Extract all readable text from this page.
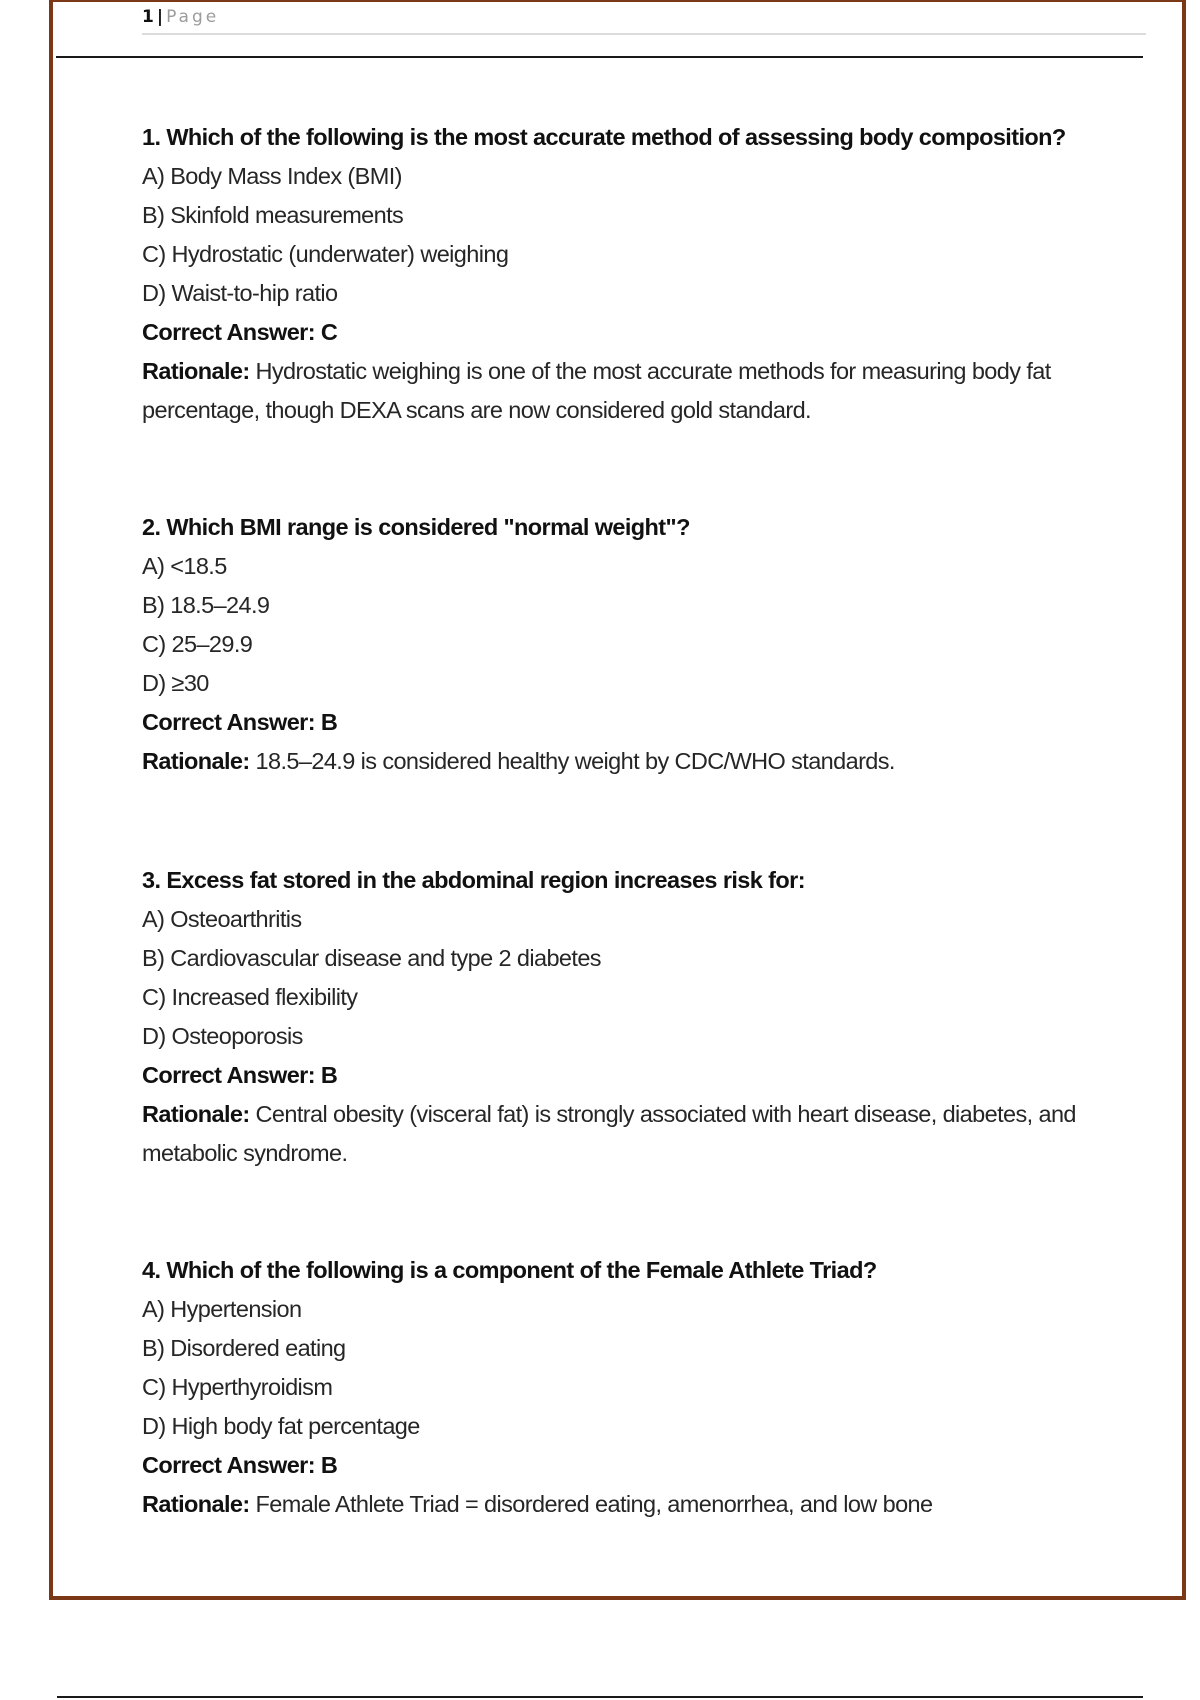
1 | Page
1. Which of the following is the most accurate method of assessing body composition?
A) Body Mass Index (BMI)
B) Skinfold measurements
C) Hydrostatic (underwater) weighing
D) Waist-to-hip ratio
Correct Answer: C
Rationale: Hydrostatic weighing is one of the most accurate methods for measuring body fat percentage, though DEXA scans are now considered gold standard.
2. Which BMI range is considered "normal weight"?
A) <18.5
B) 18.5–24.9
C) 25–29.9
D) ≥30
Correct Answer: B
Rationale: 18.5–24.9 is considered healthy weight by CDC/WHO standards.
3. Excess fat stored in the abdominal region increases risk for:
A) Osteoarthritis
B) Cardiovascular disease and type 2 diabetes
C) Increased flexibility
D) Osteoporosis
Correct Answer: B
Rationale: Central obesity (visceral fat) is strongly associated with heart disease, diabetes, and metabolic syndrome.
4. Which of the following is a component of the Female Athlete Triad?
A) Hypertension
B) Disordered eating
C) Hyperthyroidism
D) High body fat percentage
Correct Answer: B
Rationale: Female Athlete Triad = disordered eating, amenorrhea, and low bone
